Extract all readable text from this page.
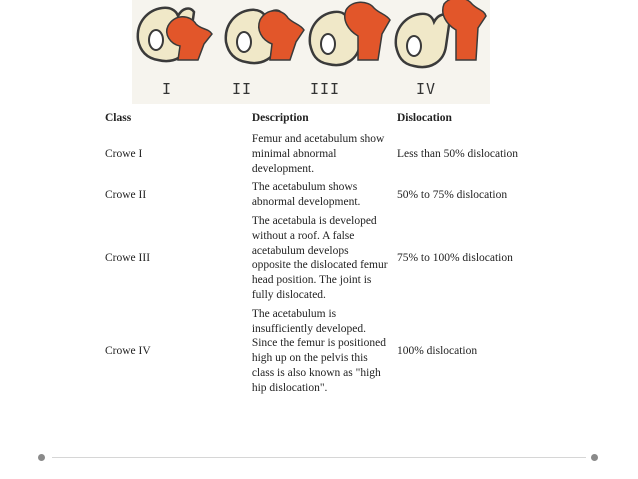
I	II	III	IV
Class	Description	Dislocation
Crowe I	Femur and acetabulum show minimal abnormal development.	Less than 50% dislocation
Crowe II	The acetabulum shows abnormal development.	50% to 75% dislocation
Crowe III	The acetabula is developed without a roof. A false acetabulum develops opposite the dislocated femur head position. The joint is fully dislocated.	75% to 100% dislocation
Crowe IV	The acetabulum is insufficiently developed. Since the femur is positioned high up on the pelvis this class is also known as "high hip dislocation".	100% dislocation
